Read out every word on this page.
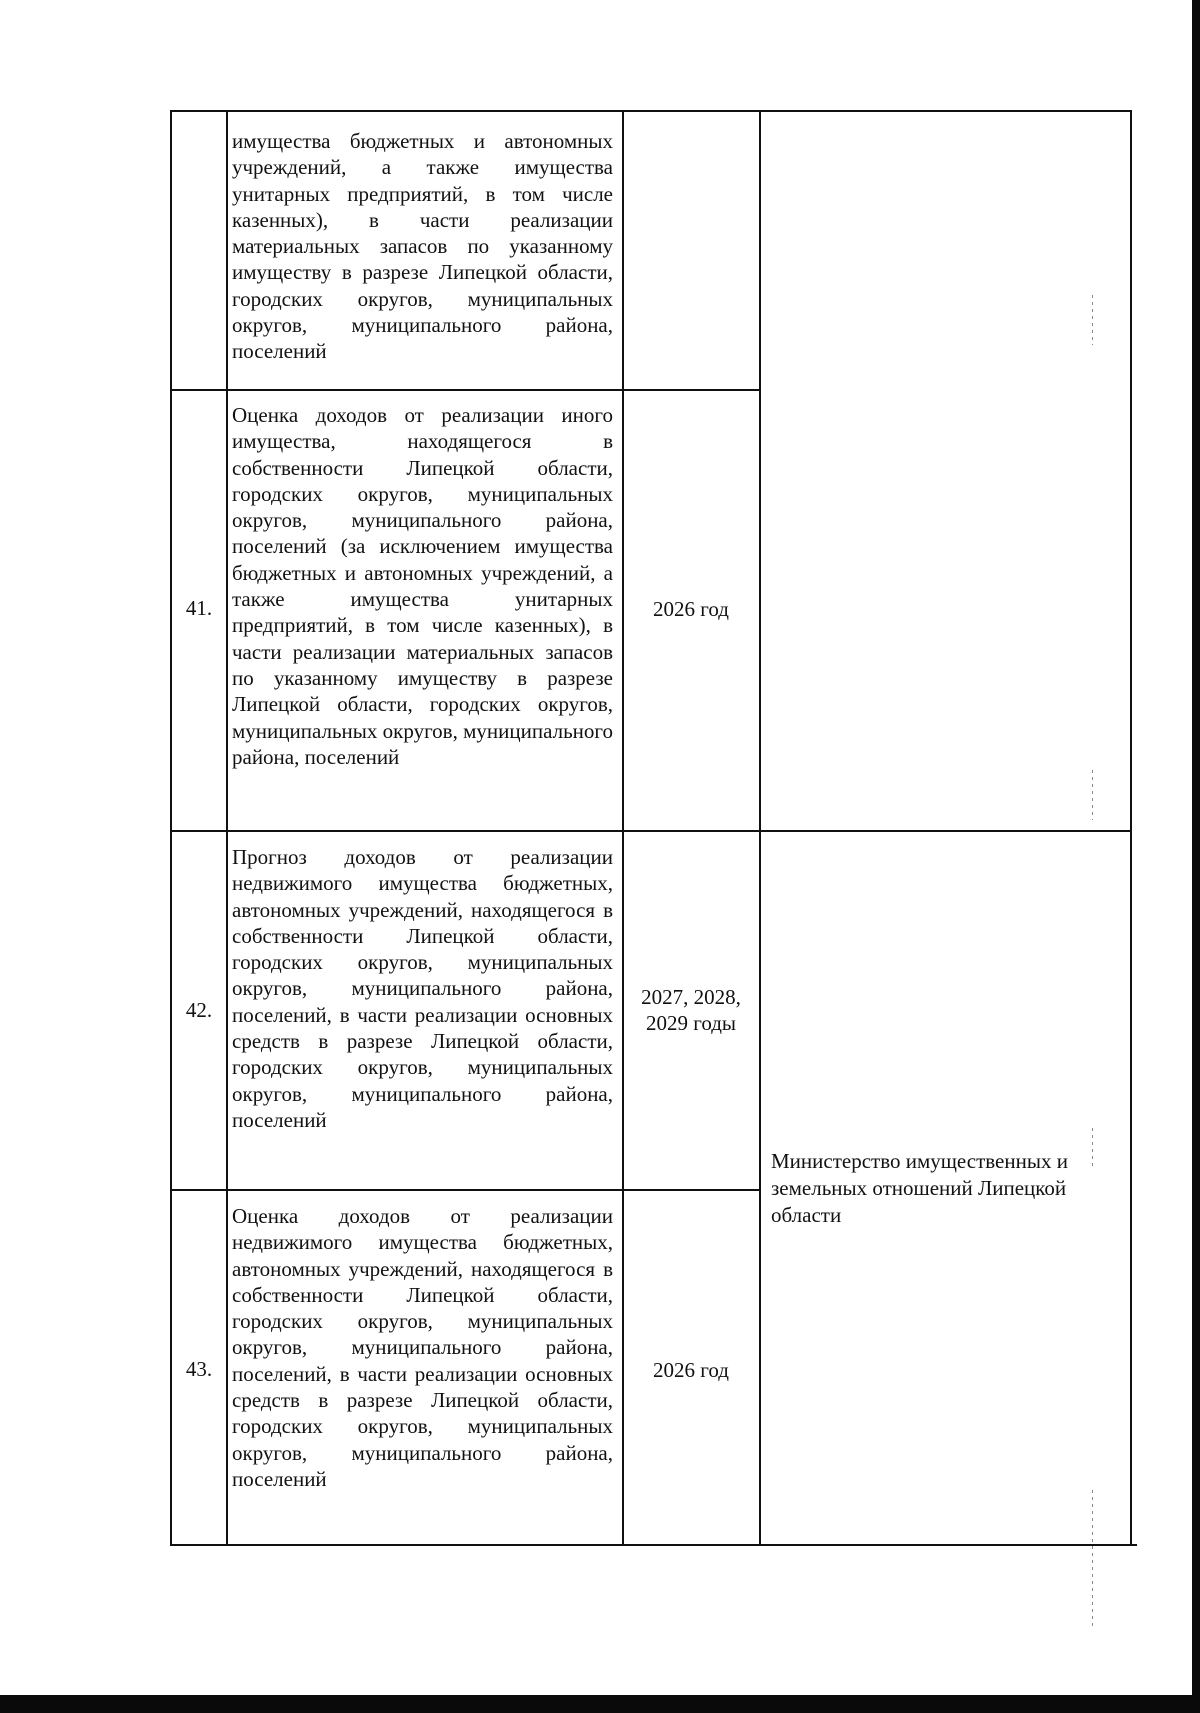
имущества бюджетных и автономных учреждений, а также имущества унитарных предприятий, в том числе казенных), в части реализации материальных запасов по указанному имуществу в разрезе Липецкой области, городских округов, муниципальных округов, муниципального района, поселений
41.
Оценка доходов от реализации иного имущества, находящегося в собственности Липецкой области, городских округов, муниципальных округов, муниципального района, поселений (за исключением имущества бюджетных и автономных учреждений, а также имущества унитарных предприятий, в том числе казенных), в части реализации материальных запасов по указанному имуществу в разрезе Липецкой области, городских округов, муниципальных округов, муниципального района, поселений
2026 год
42.
Прогноз доходов от реализации недвижимого имущества бюджетных, автономных учреждений, находящегося в собственности Липецкой области, городских округов, муниципальных округов, муниципального района, поселений, в части реализации основных средств в разрезе Липецкой области, городских округов, муниципальных округов, муниципального района, поселений
2027, 2028, 2029 годы
43.
Оценка доходов от реализации недвижимого имущества бюджетных, автономных учреждений, находящегося в собственности Липецкой области, городских округов, муниципальных округов, муниципального района, поселений, в части реализации основных средств в разрезе Липецкой области, городских округов, муниципальных округов, муниципального района, поселений
2026 год
Министерство имущественных и земельных отношений Липецкой области
